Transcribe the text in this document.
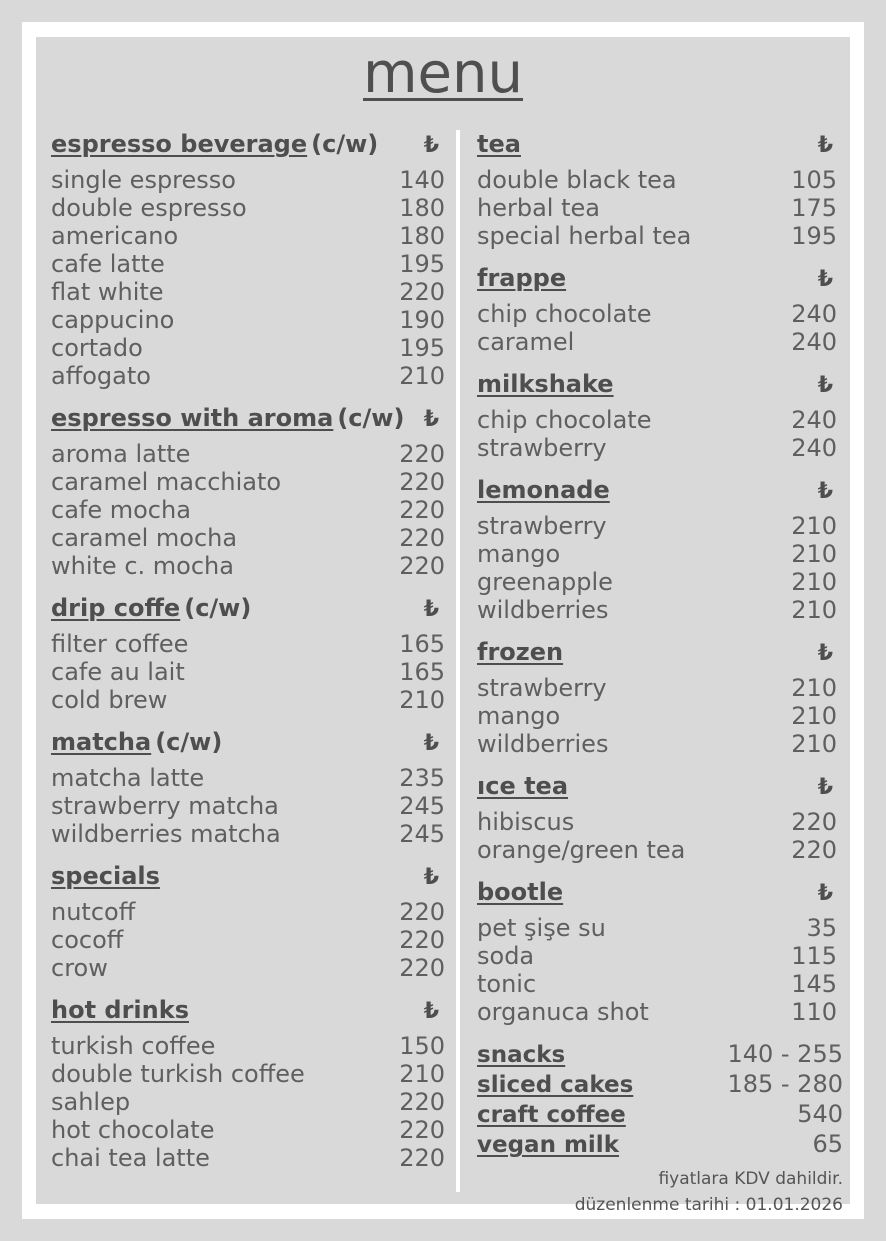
menu
espresso beverage (c/w) ₺
single espresso	140
double espresso	180
americano	180
cafe latte	195
flat white	220
cappucino	190
cortado	195
affogato	210
espresso with aroma (c/w) ₺
aroma latte	220
caramel macchiato	220
cafe mocha	220
caramel mocha	220
white c. mocha	220
drip coffe (c/w)	₺
filter coffee	165
cafe au lait	165
cold brew	210
matcha (c/w)	₺
matcha latte	235
strawberry matcha	245
wildberries matcha	245
specials	₺
nutcoff	220
cocoff	220
crow	220
hot drinks	₺
turkish coffee	150
double turkish coffee	210
sahlep	220
hot chocolate	220
chai tea latte	220
tea	₺
double black tea	105
herbal tea	175
special herbal tea	195
frappe	₺
chip chocolate	240
caramel	240
milkshake	₺
chip chocolate	240
strawberry	240
lemonade	₺
strawberry	210
mango	210
greenapple	210
wildberries	210
frozen	₺
strawberry	210
mango	210
wildberries	210
ıce tea	₺
hibiscus	220
orange/green tea	220
bootle	₺
pet şişe su	35
soda	115
tonic	145
organuca shot	110
snacks	140 - 255
sliced cakes	185 - 280
craft coffee	540
vegan milk	65
fiyatlara KDV dahildir.
düzenlenme tarihi : 01.01.2026
